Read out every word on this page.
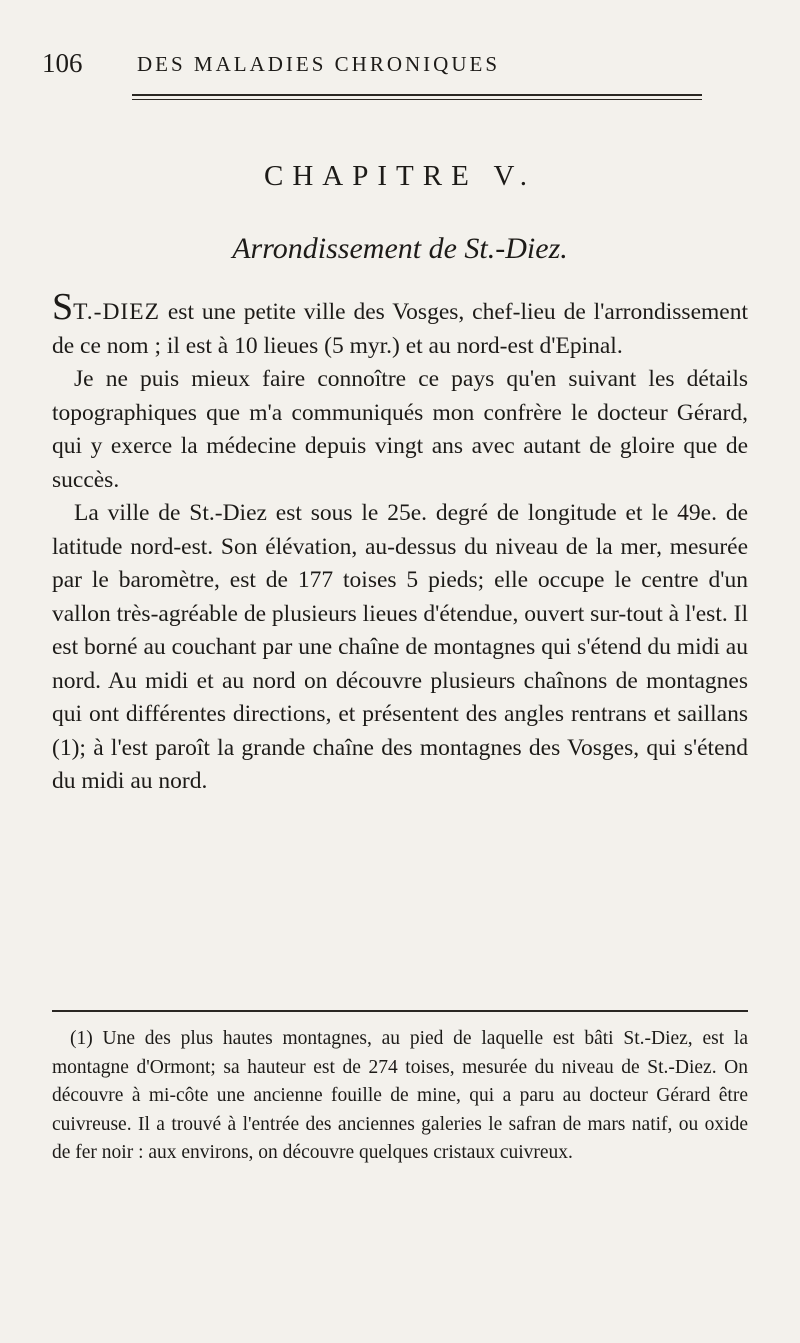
106	DES MALADIES CHRONIQUES
CHAPITRE V.
Arrondissement de St.-Diez.

ST.-DIEZ est une petite ville des Vosges, chef-lieu de l'arrondissement de ce nom ; il est à 10 lieues (5 myr.) et au nord-est d'Epinal.

Je ne puis mieux faire connoître ce pays qu'en suivant les détails topographiques que m'a communiqués mon confrère le docteur Gérard, qui y exerce la médecine depuis vingt ans avec autant de gloire que de succès.

La ville de St.-Diez est sous le 25e. degré de longitude et le 49e. de latitude nord-est. Son élévation, au-dessus du niveau de la mer, mesurée par le baromètre, est de 177 toises 5 pieds; elle occupe le centre d'un vallon très-agréable de plusieurs lieues d'étendue, ouvert sur-tout à l'est. Il est borné au couchant par une chaîne de montagnes qui s'étend du midi au nord. Au midi et au nord on découvre plusieurs chaînons de montagnes qui ont différentes directions, et présentent des angles rentrans et saillans (1); à l'est paroît la grande chaîne des montagnes des Vosges, qui s'étend du midi au nord.

(1) Une des plus hautes montagnes, au pied de laquelle est bâti St.-Diez, est la montagne d'Ormont; sa hauteur est de 274 toises, mesurée du niveau de St.-Diez. On découvre à mi-côte une ancienne fouille de mine, qui a paru au docteur Gérard être cuivreuse. Il a trouvé à l'entrée des anciennes galeries le safran de mars natif, ou oxide de fer noir : aux environs, on découvre quelques cristaux cuivreux.
